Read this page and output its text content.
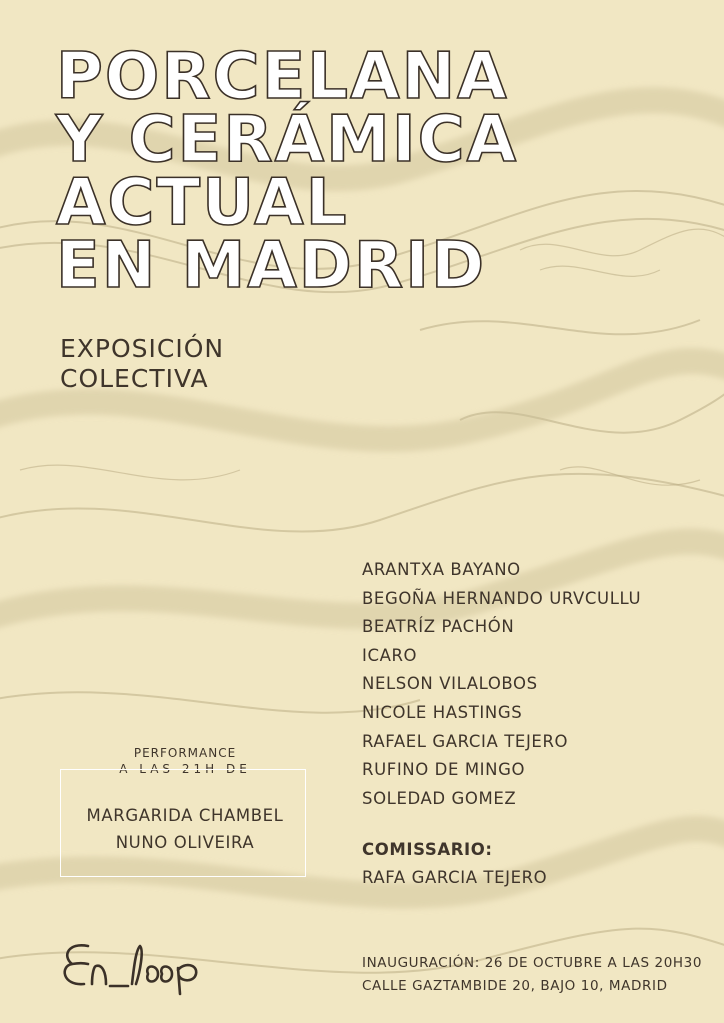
PORCELANA
Y CERÁMICA
ACTUAL
EN MADRID
EXPOSICIÓN
COLECTIVA
ARANTXA BAYANO
BEGOÑA HERNANDO URVCULLU
BEATRÍZ PACHÓN
ICARO
NELSON VILALOBOS
NICOLE HASTINGS
RAFAEL GARCIA TEJERO
RUFINO DE MINGO
SOLEDAD GOMEZ
COMISSARIO:
RAFA GARCIA TEJERO
PERFORMANCE
A LAS 21H DE
MARGARIDA CHAMBEL
NUNO OLIVEIRA
INAUGURACIÓN: 26 DE OCTUBRE A LAS 20H30
CALLE GAZTAMBIDE 20, BAJO 10, MADRID
